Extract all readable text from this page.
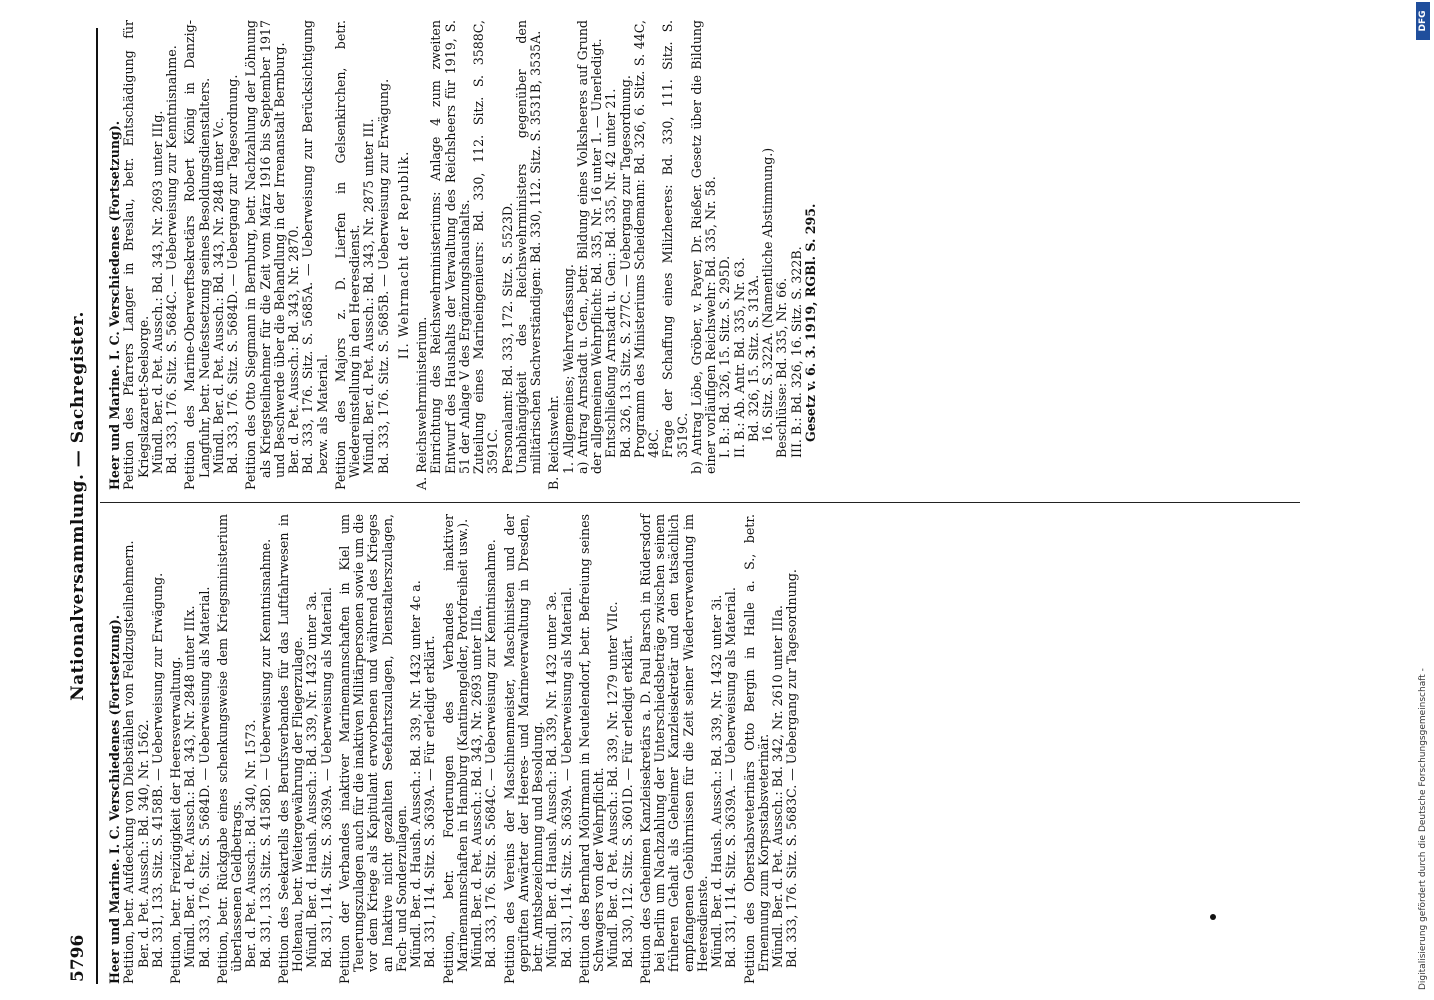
5796
Nationalversammlung. — Sachregister.

Heer und Marine. I. C. Verschiedenes (Fortsetzung). Petition, betr. Aufdeckung von Diebstählen von Feldzugsteilnehmern. Ber. d. Pet. Aussch.: Bd. 340, Nr. 1562. Bd. 331, 133. Sitz. S. 4158B. — Ueberweisung zur Erwägung. Petition, betr. Freizügigkeit der Heeresverwaltung. Mündl. Ber. d. Pet. Aussch.: Bd. 343, Nr. 2848 unter IIIx. Bd. 333, 176. Sitz. S. 5684D. — Ueberweisung als Material. Petition, betr. Rückgabe eines schenkungsweise dem Kriegsministerium überlassenen Geldbetrags. Ber. d. Pet. Aussch.: Bd. 340, Nr. 1573. Bd. 331, 133. Sitz. S. 4158D. — Ueberweisung zur Kenntnisnahme. Petition des Seekartells des Berufsverbandes für das Luftfahrwesen in Holtenau, betr. Weitergewährung der Fliegerzulage. Mündl. Ber. d. Haush. Aussch.: Bd. 339, Nr. 1432 unter 3a. Bd. 331, 114. Sitz. S. 3639A. — Ueberweisung als Material. Petition der Verbandes inaktiver Marinemannschaften in Kiel um Teuerungszulagen auch für die inaktiven Militärpersonen sowie um die vor dem Kriege als Kapitulant erworbenen und während des Krieges an Inaktive nicht gezahlten Seefahrtszulagen, Dienstalterszulagen, Fach- und Sonderzulagen. Mündl. Ber. d. Haush. Aussch.: Bd. 339, Nr. 1432 unter 4c a. Bd. 331, 114. Sitz. S. 3639A. — Für erledigt erklärt. Petition, betr. Forderungen des Verbandes inaktiver Marinemannschaften in Hamburg (Kantinengelder, Portofreiheit usw.). Mündl. Ber. d. Pet. Aussch.: Bd. 343, Nr. 2693 unter IIIa. Bd. 333, 176. Sitz. S. 5684C. — Ueberweisung zur Kenntnisnahme. Petition des Vereins der Maschinenmeister, Maschinisten und der geprüften Anwärter der Heeres- und Marineverwaltung in Dresden, betr. Amtsbezeichnung und Besoldung. Mündl. Ber. d. Haush. Aussch.: Bd. 339, Nr. 1432 unter 3e. Bd. 331, 114. Sitz. S. 3639A. — Ueberweisung als Material. Petition des Bernhard Möhrmann in Neutelendorf, betr. Befreiung seines Schwagers von der Wehrpflicht. Mündl. Ber. d. Pet. Aussch.: Bd. 339, Nr. 1279 unter VIIc. Bd. 330, 112. Sitz. S. 3601D. — Für erledigt erklärt. Petition des Geheimen Kanzleisekretärs a. D. Paul Barsch in Rüdersdorf bei Berlin um Nachzahlung der Unterschiedsbeträge zwischen seinem früheren Gehalt als Geheimer Kanzleisekretär und den tatsächlich empfangenen Gebührnissen für die Zeit seiner Wiederverwendung im Heeresdienste. Mündl. Ber. d. Haush. Aussch.: Bd. 339, Nr. 1432 unter 3i. Bd. 331, 114. Sitz. S. 3639A. — Ueberweisung als Material. Petition des Oberstabsveterinärs Otto Bergin in Halle a. S., betr. Ernennung zum Korpsstabsveterinär. Mündl. Ber. d. Pet. Aussch.: Bd. 342, Nr. 2610 unter IIIa. Bd. 333, 176. Sitz. S. 5683C. — Uebergang zur Tagesordnung.

Heer und Marine. I. C. Verschiedenes (Fortsetzung). Petition des Pfarrers Langer in Breslau, betr. Entschädigung für Kriegslazarett-Seelsorge. Mündl. Ber. d. Pet. Aussch.: Bd. 343, Nr. 2693 unter IIIg. Bd. 333, 176. Sitz. S. 5684C. — Ueberweisung zur Kenntnisnahme. Petition des Marine-Oberwerftsekretärs Robert König in Danzig-Langfuhr, betr. Neufestsetzung seines Besoldungsdienstalters. Mündl. Ber. d. Pet. Aussch.: Bd. 343, Nr. 2848 unter Vc. Bd. 333, 176. Sitz. S. 5684D. — Uebergang zur Tagesordnung. Petition des Otto Siegmann in Bernburg, betr. Nachzahlung der Löhnung als Kriegsteilnehmer für die Zeit vom März 1916 bis September 1917 und Beschwerde über die Behandlung in der Irrenanstalt Bernburg. Ber. d. Pet. Aussch.: Bd. 343, Nr. 2870. Bd. 333, 176. Sitz. S. 5685A. — Ueberweisung zur Berücksichtigung bezw. als Material. Petition des Majors z. D. Lierfen in Gelsenkirchen, betr. Wiedereinstellung in den Heeresdienst. Mündl. Ber. d. Pet. Aussch.: Bd. 343, Nr. 2875 unter III. Bd. 333, 176. Sitz. S. 5685B. — Ueberweisung zur Erwägung. II. Wehrmacht der Republik.

A. Reichswehrministerium. Einrichtung des Reichswehrministeriums: Anlage 4 zum zweiten Entwurf des Haushalts der Verwaltung des Reichsheers für 1919, S. 51 der Anlage V des Ergänzungshaushalts. Zuteilung eines Marineingenieurs: Bd. 330, 112. Sitz. S. 3588C, 3591C. Personalamt: Bd. 333, 172. Sitz. S. 5523D. Unabhängigkeit des Reichswehrministers gegenüber den militärischen Sachverständigen: Bd. 330, 112. Sitz. S. 3531B, 3535A. B. Reichswehr. 1. Allgemeines; Wehrverfassung. a) Antrag Arnstadt u. Gen., betr. Bildung eines Volksheeres auf Grund der allgemeinen Wehrpflicht: Bd. 335, Nr. 16 unter 1. — Unerledigt. Entschließung Arnstadt u. Gen.: Bd. 335, Nr. 42 unter 21. Bd. 326, 13. Sitz. S. 277C. — Uebergang zur Tagesordnung. Programm des Ministeriums Scheidemann: Bd. 326, 6. Sitz. S. 44C, 48C. Frage der Schaffung eines Milizheeres: Bd. 330, 111. Sitz. S. 3519C. b) Antrag Löbe, Gröber, v. Payer, Dr. Rießer. Gesetz über die Bildung einer vorläufigen Reichswehr: Bd. 335, Nr. 58. I. B.: Bd. 326, 15. Sitz. S. 295D. II. B.: Ab. Antr. Bd. 335, Nr. 63. Bd. 326, 15. Sitz. S. 313A. 16. Sitz. S. 322A. (Namentliche Abstimmung.) Beschlüsse: Bd. 335, Nr. 66. III. B.: Bd. 326, 16. Sitz. S. 322B. Gesetz v. 6. 3. 1919, RGBl. S. 295.

Digitalisierung gefördert durch die Deutsche Forschungsgemeinschaft -
DFG
